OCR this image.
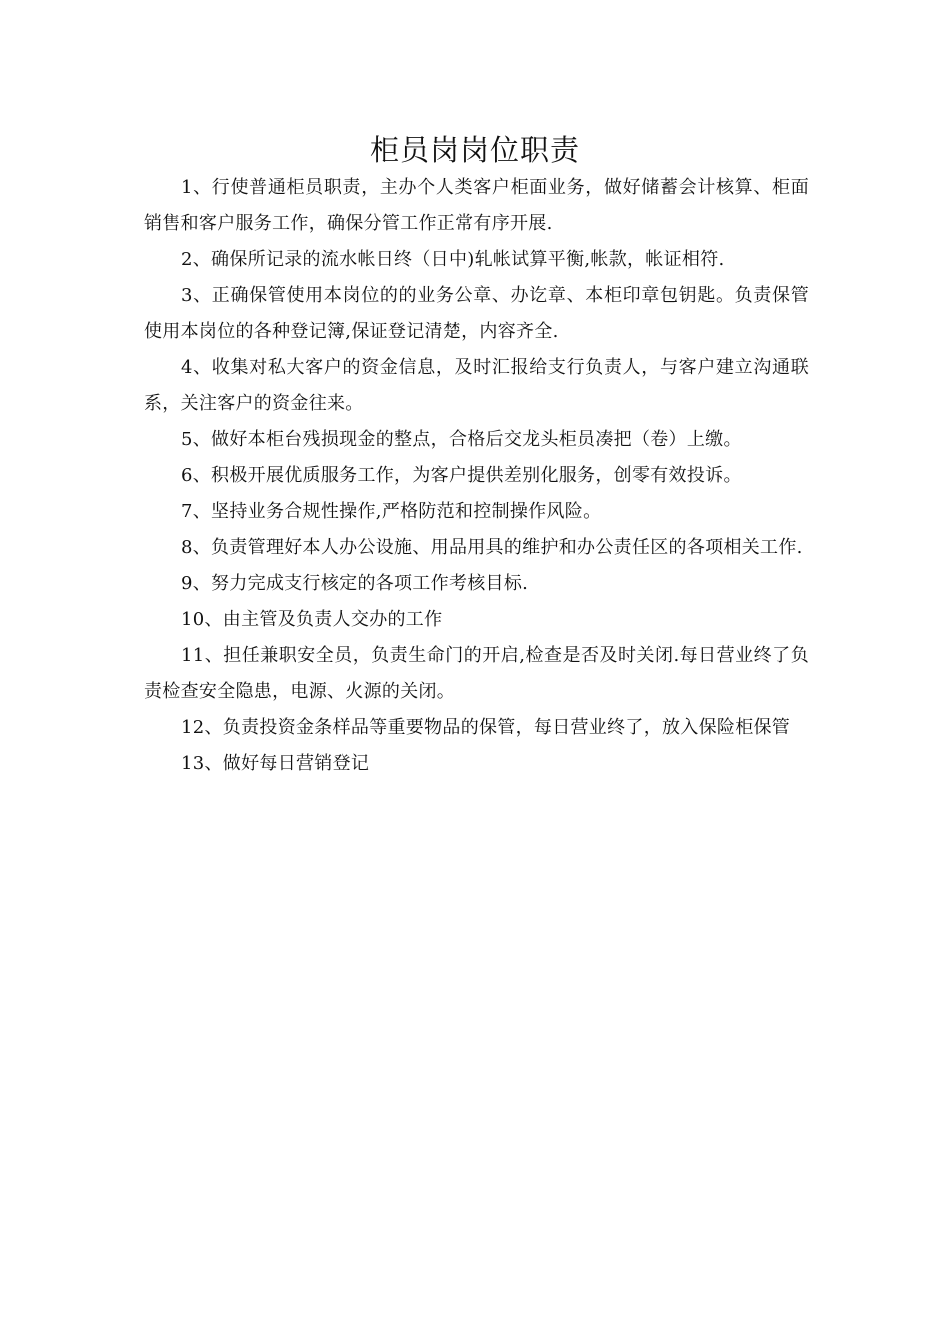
柜员岗岗位职责

1、行使普通柜员职责，主办个人类客户柜面业务，做好储蓄会计核算、柜面销售和客户服务工作，确保分管工作正常有序开展.

2、确保所记录的流水帐日终（日中)轧帐试算平衡,帐款，帐证相符.

3、正确保管使用本岗位的的业务公章、办讫章、本柜印章包钥匙。负责保管使用本岗位的各种登记簿,保证登记清楚，内容齐全.

4、收集对私大客户的资金信息，及时汇报给支行负责人，与客户建立沟通联系，关注客户的资金往来。

5、做好本柜台残损现金的整点，合格后交龙头柜员凑把（卷）上缴。

6、积极开展优质服务工作，为客户提供差别化服务，创零有效投诉。

7、坚持业务合规性操作,严格防范和控制操作风险。

8、负责管理好本人办公设施、用品用具的维护和办公责任区的各项相关工作.

9、努力完成支行核定的各项工作考核目标.

10、由主管及负责人交办的工作

11、担任兼职安全员，负责生命门的开启,检查是否及时关闭.每日营业终了负责检查安全隐患，电源、火源的关闭。

12、负责投资金条样品等重要物品的保管，每日营业终了，放入保险柜保管

13、做好每日营销登记
